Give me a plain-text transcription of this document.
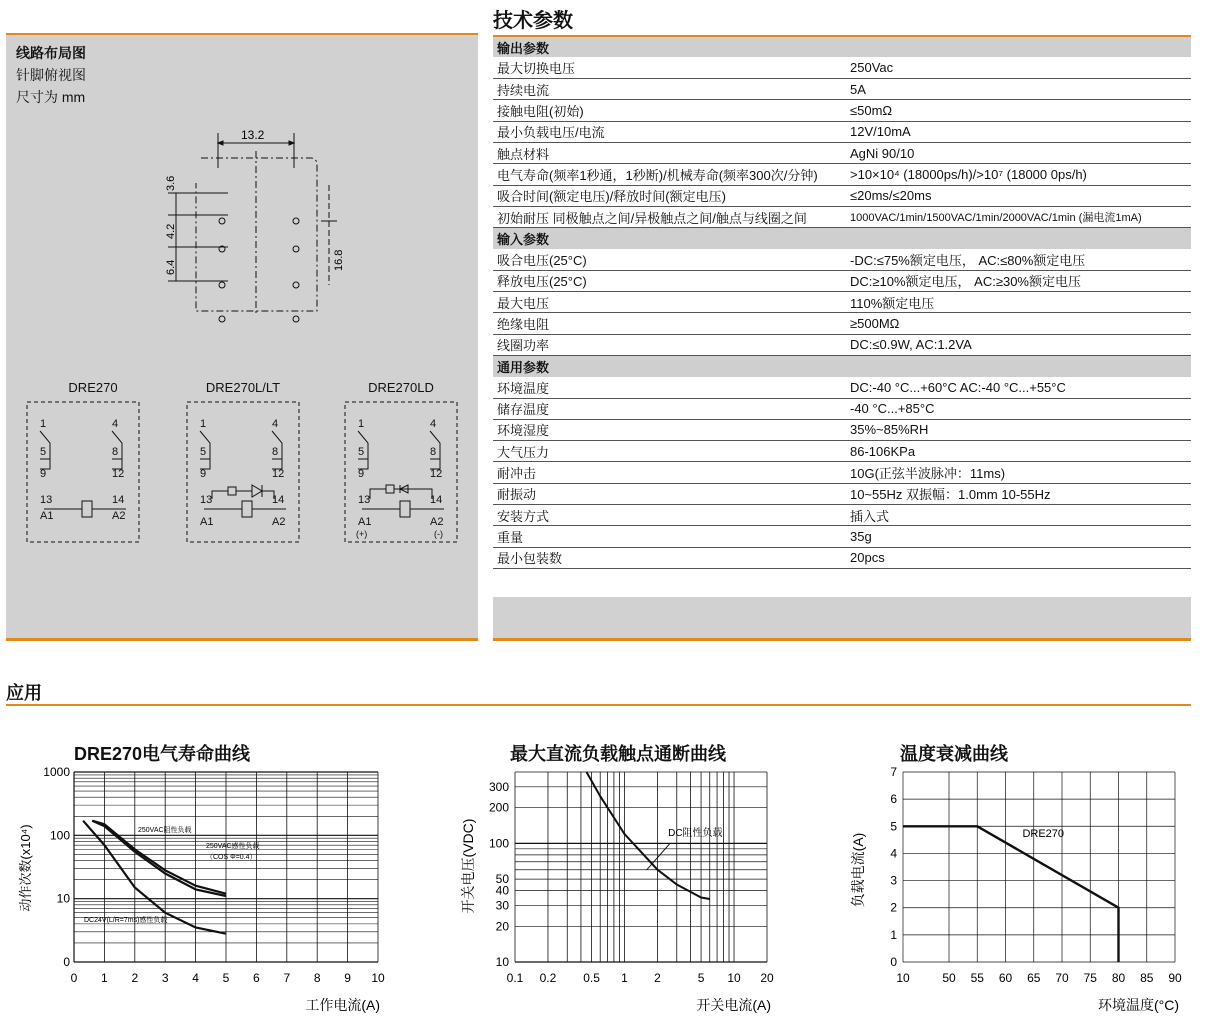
线路布局图
针脚俯视图
尺寸为 mm
13.2
3.6
4.2
6.4	16.8
DRE270
1	4
5	8
9	12
13	14
A1	A2
DRE270L/LT
1	4
5	8
9	12
13	14
A1	A2
DRE270LD
1	4
5	8
9	12
13	14
A1	A2
(+)	(-)
技术参数
输出参数	
最大切换电压	250Vac
持续电流	5A
接触电阻(初始)	≤50mΩ
最小负载电压/电流	12V/10mA
触点材料	AgNi 90/10
电气寿命(频率1秒通，1秒断)/机械寿命(频率300次/分钟)	>10×10⁴ (18000ps/h)/>10⁷ (18000 0ps/h)
吸合时间(额定电压)/释放时间(额定电压)	≤20ms/≤20ms
初始耐压 同极触点之间/异极触点之间/触点与线圈之间	1000VAC/1min/1500VAC/1min/2000VAC/1min (漏电流1mA)
输入参数	
吸合电压(25°C)	-DC:≤75%额定电压， AC:≤80%额定电压
释放电压(25°C)	DC:≥10%额定电压， AC:≥30%额定电压
最大电压	110%额定电压
绝缘电阻	≥500MΩ
线圈功率	DC:≤0.9W, AC:1.2VA
通用参数	
环境温度	DC:-40 °C...+60°C AC:-40 °C...+55°C
储存温度	-40 °C...+85°C
环境湿度	35%~85%RH
大气压力	86-106KPa
耐冲击	10G(正弦半波脉冲：11ms)
耐振动	10~55Hz 双振幅：1.0mm 10-55Hz
安装方式	插入式
重量	35g
最小包装数	20pcs
应用
DRE270电气寿命曲线
0
10
100
1000
0 1 2 3 4 5 6 7 8 9 10
工作电流(A)
动作次数(x10⁴)	250VAC阻性负载
250VAC感性负载
（COS Φ=0.4）
DC24V(L/R=7ms)感性负载
最大直流负载触点通断曲线
0.1 0.2 0.5 1 2	5 10 20
10
20
30
40
50
100
200
300
开关电流(A)
开关电压(VDC)	DC阻性负载
温度衰减曲线
10	50 55 60 65 70 75 80 85 90
0
1
2
3
4
5
6
7
环境温度(°C)
负载电流(A)	DRE270
